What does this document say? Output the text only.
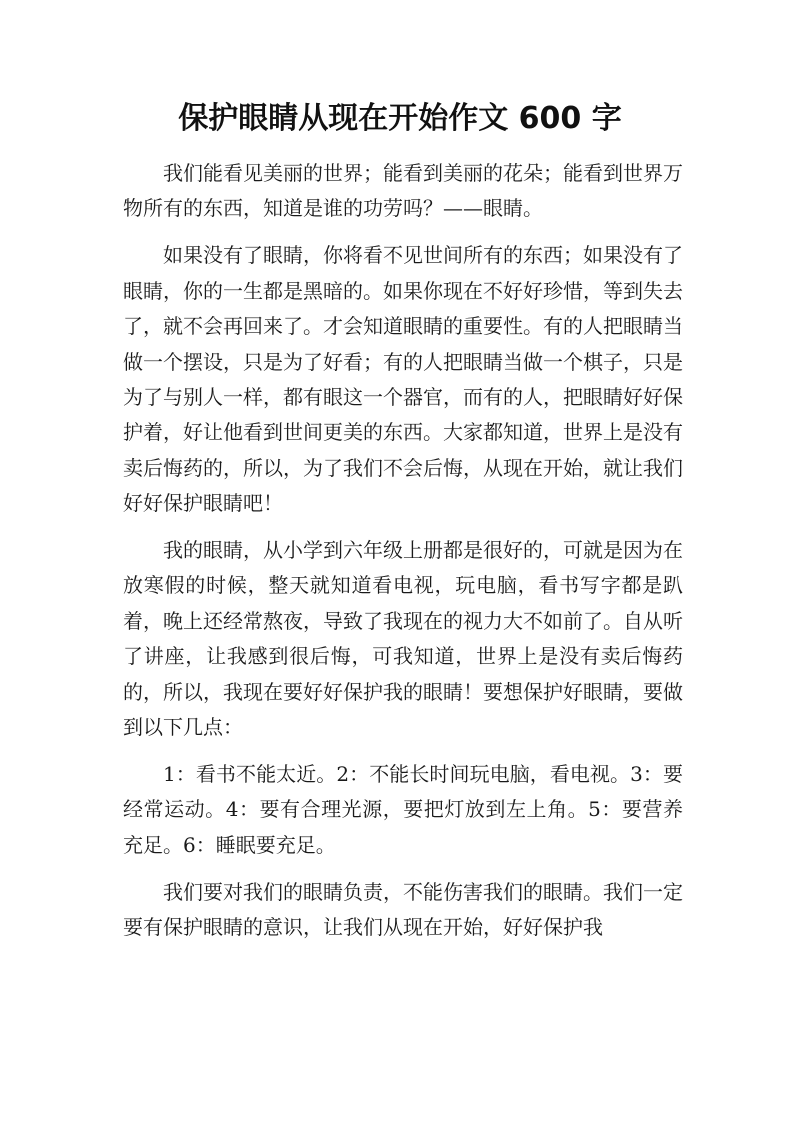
保护眼睛从现在开始作文 600 字

我们能看见美丽的世界；能看到美丽的花朵；能看到世界万物所有的东西，知道是谁的功劳吗？——眼睛。

如果没有了眼睛，你将看不见世间所有的东西；如果没有了眼睛，你的一生都是黑暗的。如果你现在不好好珍惜，等到失去了，就不会再回来了。才会知道眼睛的重要性。有的人把眼睛当做一个摆设，只是为了好看；有的人把眼睛当做一个棋子，只是为了与别人一样，都有眼这一个器官，而有的人，把眼睛好好保护着，好让他看到世间更美的东西。大家都知道，世界上是没有卖后悔药的，所以，为了我们不会后悔，从现在开始，就让我们好好保护眼睛吧！

我的眼睛，从小学到六年级上册都是很好的，可就是因为在放寒假的时候，整天就知道看电视，玩电脑，看书写字都是趴着，晚上还经常熬夜，导致了我现在的视力大不如前了。自从听了讲座，让我感到很后悔，可我知道，世界上是没有卖后悔药的，所以，我现在要好好保护我的眼睛！要想保护好眼睛，要做到以下几点：

1：看书不能太近。2：不能长时间玩电脑，看电视。3：要经常运动。4：要有合理光源，要把灯放到左上角。5：要营养充足。6：睡眠要充足。

我们要对我们的眼睛负责，不能伤害我们的眼睛。我们一定要有保护眼睛的意识，让我们从现在开始，好好保护我
